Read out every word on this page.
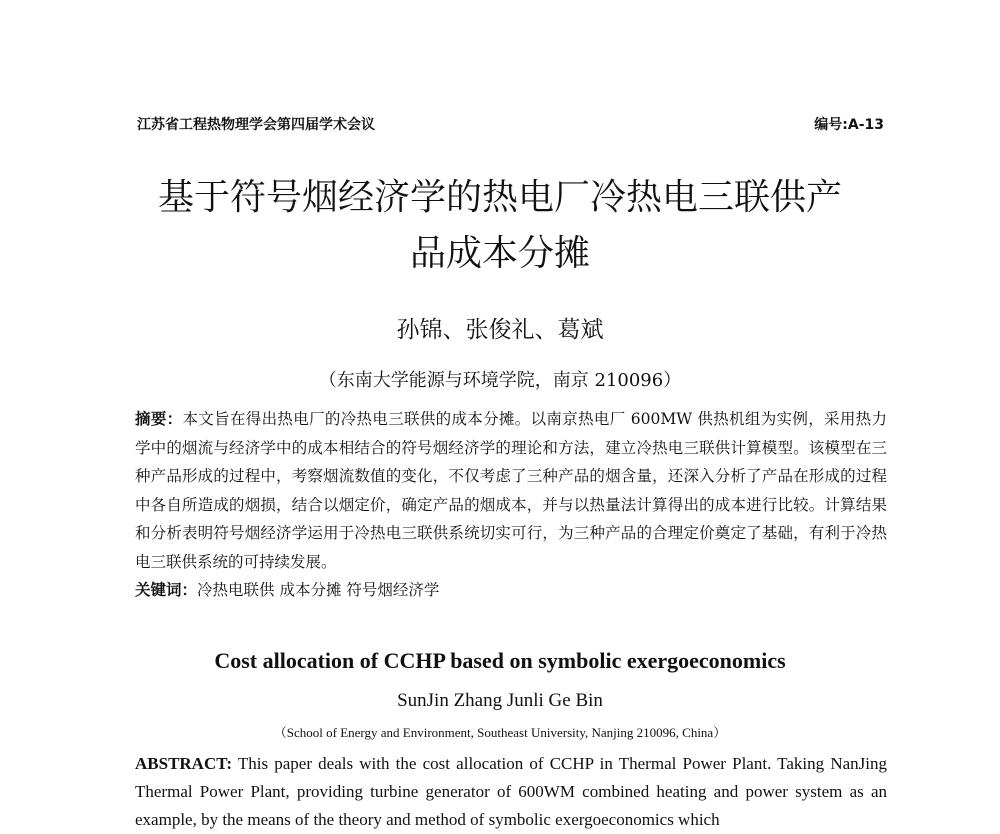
江苏省工程热物理学会第四届学术会议	编号:A-13
基于符号烟经济学的热电厂冷热电三联供产
品成本分摊
孙锦、张俊礼、葛斌
（东南大学能源与环境学院，南京 210096）
摘要：本文旨在得出热电厂的冷热电三联供的成本分摊。以南京热电厂 600MW 供热机组为实例，采用热力学中的烟流与经济学中的成本相结合的符号烟经济学的理论和方法，建立冷热电三联供计算模型。该模型在三种产品形成的过程中，考察烟流数值的变化，不仅考虑了三种产品的烟含量，还深入分析了产品在形成的过程中各自所造成的烟损，结合以烟定价，确定产品的烟成本，并与以热量法计算得出的成本进行比较。计算结果和分析表明符号烟经济学运用于冷热电三联供系统切实可行，为三种产品的合理定价奠定了基础，有利于冷热电三联供系统的可持续发展。
关键词：冷热电联供 成本分摊 符号烟经济学
Cost allocation of CCHP based on symbolic exergoeconomics
SunJin Zhang Junli Ge Bin
（School of Energy and Environment, Southeast University, Nanjing 210096, China）
ABSTRACT: This paper deals with the cost allocation of CCHP in Thermal Power Plant. Taking NanJing Thermal Power Plant, providing turbine generator of 600WM combined heating and power system as an example, by the means of the theory and method of symbolic exergoeconomics which
